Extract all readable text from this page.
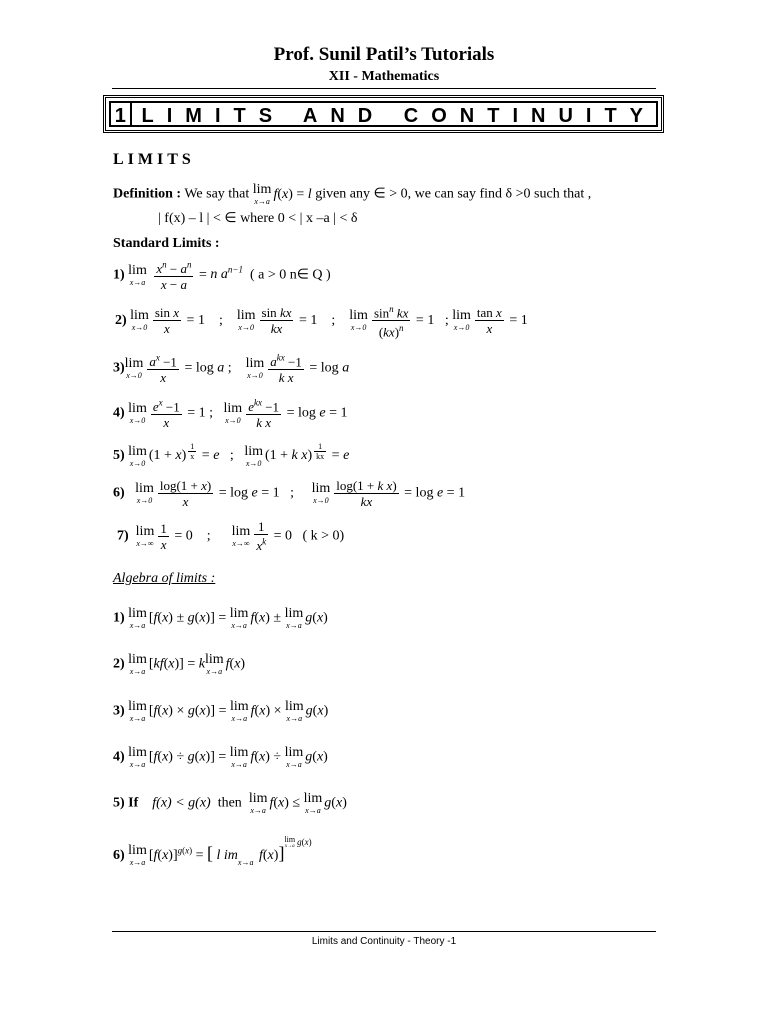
Prof. Sunil Patil’s Tutorials
XII - Mathematics
1 LIMITS AND CONTINUITY
LIMITS
Definition : We say that lim
x→a f(x) = l given any ∈ > 0, we can say find δ >0 such that ,
| f(x) – l | < ∈ where 0 < | x –a | < δ
Standard Limits :
1) lim
x→a
$\frac{x^n - a^n}{x - a} = n$ $a^{n-1}$ ( a > 0 n∈ Q )
2) lim
$x\to 0 \frac{\text{sin x}}{x} = 1$    ; lim
$x\to 0 \frac{\text{sin kx}}{kx} = 1$    ; lim
$x\to 0 \frac{\sin^n kx}{(kx)^n} = 1$   ; lim
$x\to 0 \frac{\text{tan x}}{x} = 1$
3) lim
$x\to 0 \frac{a^x -1}{x} = \log a$ ; lim
$x\to 0 \frac{a^{kx} -1}{\text{k x}} = \log a$
4) lim
$x\to 0 \frac{e^x -1}{x} = 1$ ; lim
$x\to 0 \frac{e^{kx} -1}{\text{k x}} = \log e = 1$
5) lim
x→0 (1 + x) $^{\frac{1}{x}}$ = e   ; lim
x→0 (1 + k x) $^{\frac{1}{kx}}$ = e
6) lim
$x\to 0 \frac{\log(1 + x)}{x} = \log e = 1$   ; lim
$x\to 0 \frac{\text{log(1 + k x)}}{kx} = \log e = 1$
7) lim
$x\to\infty \frac{1}{x} = 0$    ; lim
$x\to\infty \frac{1}{x^k} = 0$   ( k > 0)
Algebra of limits :
1) lim
x→a [f(x) ± g(x)] = lim
x→a f(x) ± lim
x→a g(x)
2) lim
x→a [kf(x)] = k lim
x→a f(x)
3) lim
x→a [f(x) × g(x)] = lim
x→a f(x) × lim
x→a g(x)
4) lim
x→a [f(x) ÷ g(x)] = lim
x→a f(x) ÷ lim
x→a g(x)
5) If f(x) < g(x) then lim
x→a f(x) ≤ lim
x→a g(x)
6) lim
x→a $[f(x)]^{g(x)}$ = [ l im x→a f(x)]
$^{lim x\to a g(x)}$
Limits and Continuity - Theory -1
